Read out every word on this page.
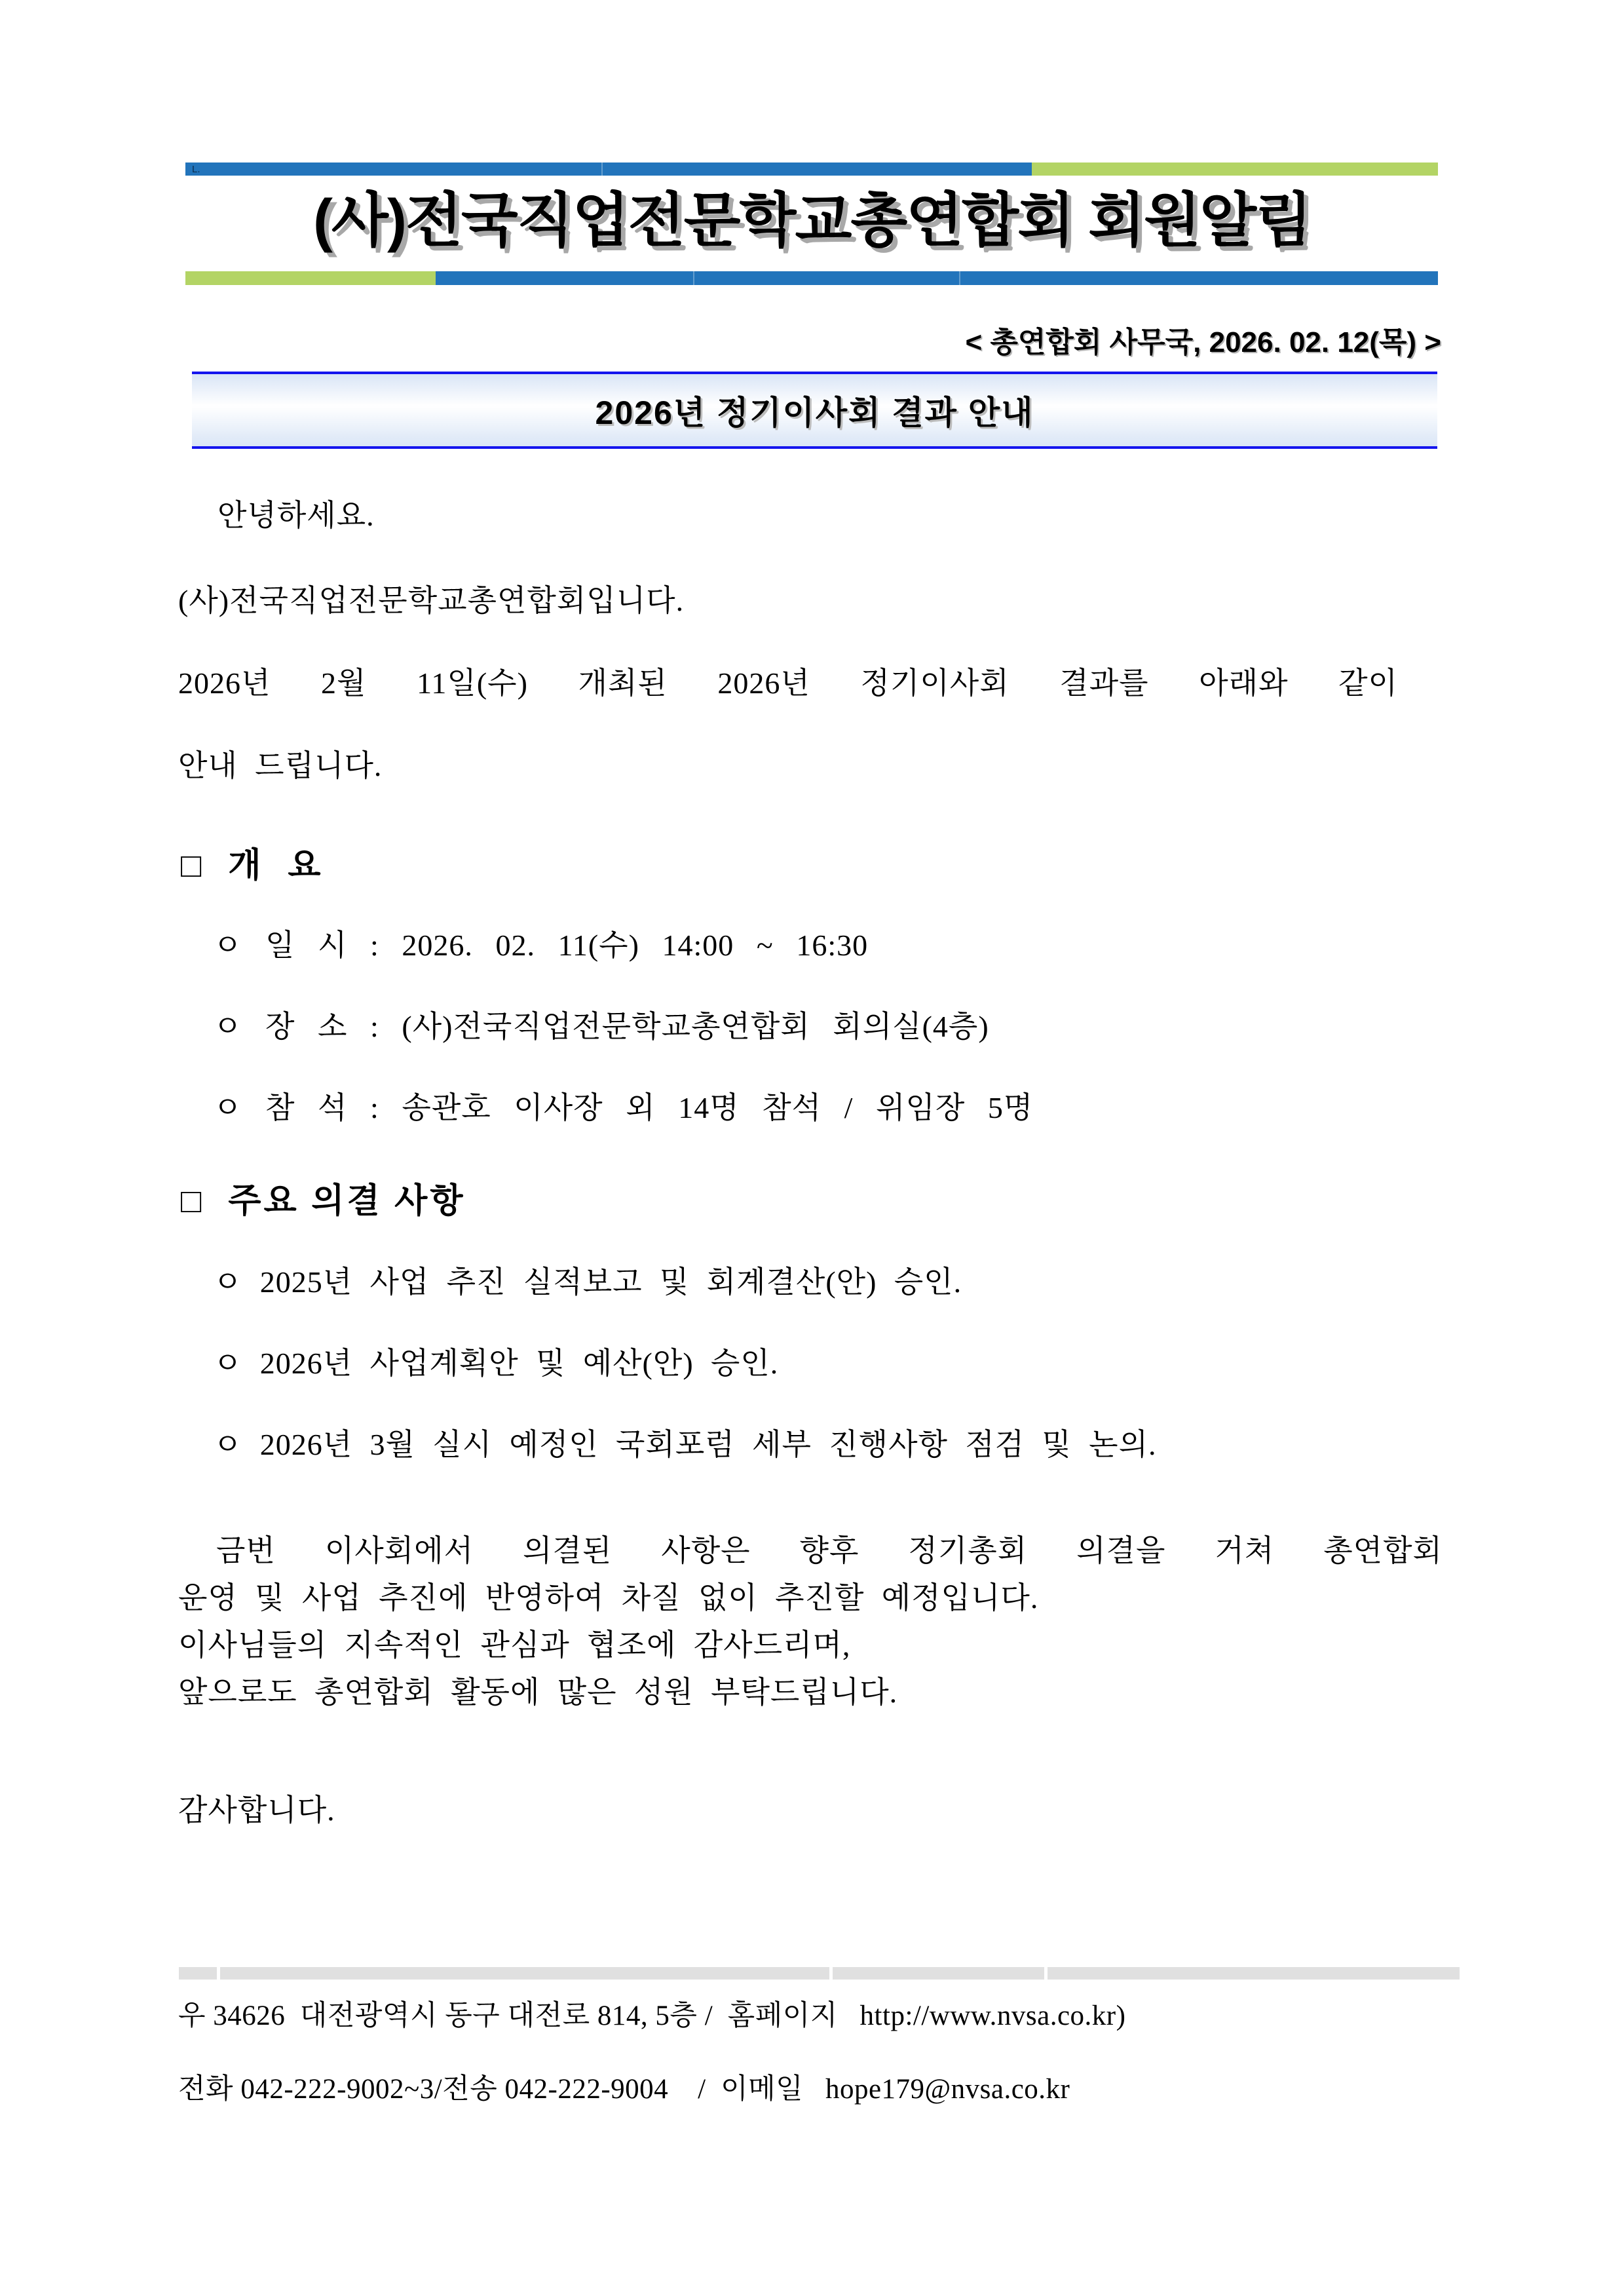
L.
(사)전국직업전문학교총연합회 회원알림
< 총연합회 사무국, 2026. 02. 12(목) >
2026년 정기이사회 결과 안내
안녕하세요.
(사)전국직업전문학교총연합회입니다.
2026년 2월 11일(수) 개최된 2026년 정기이사회 결과를 아래와 같이
안내 드립니다.
□  개  요
ㅇ 일 시 : 2026. 02. 11(수) 14:00 ~ 16:30
ㅇ 장 소 : (사)전국직업전문학교총연합회 회의실(4층)
ㅇ 참 석 : 송관호 이사장 외 14명 참석 / 위임장 5명
□  주요 의결 사항
ㅇ 2025년 사업 추진 실적보고 및 회계결산(안) 승인.
ㅇ 2026년 사업계획안 및 예산(안) 승인.
ㅇ 2026년 3월 실시 예정인 국회포럼 세부 진행사항 점검 및 논의.
금번 이사회에서 의결된 사항은 향후 정기총회 의결을 거쳐 총연합회
운영 및 사업 추진에 반영하여 차질 없이 추진할 예정입니다.
이사님들의 지속적인 관심과 협조에 감사드리며,
앞으로도 총연합회 활동에 많은 성원 부탁드립니다.
감사합니다.
우 34626  대전광역시 동구 대전로 814, 5층 /  홈페이지   http://www.nvsa.co.kr)
전화 042-222-9002~3/전송 042-222-9004    /  이메일   hope179@nvsa.co.kr
